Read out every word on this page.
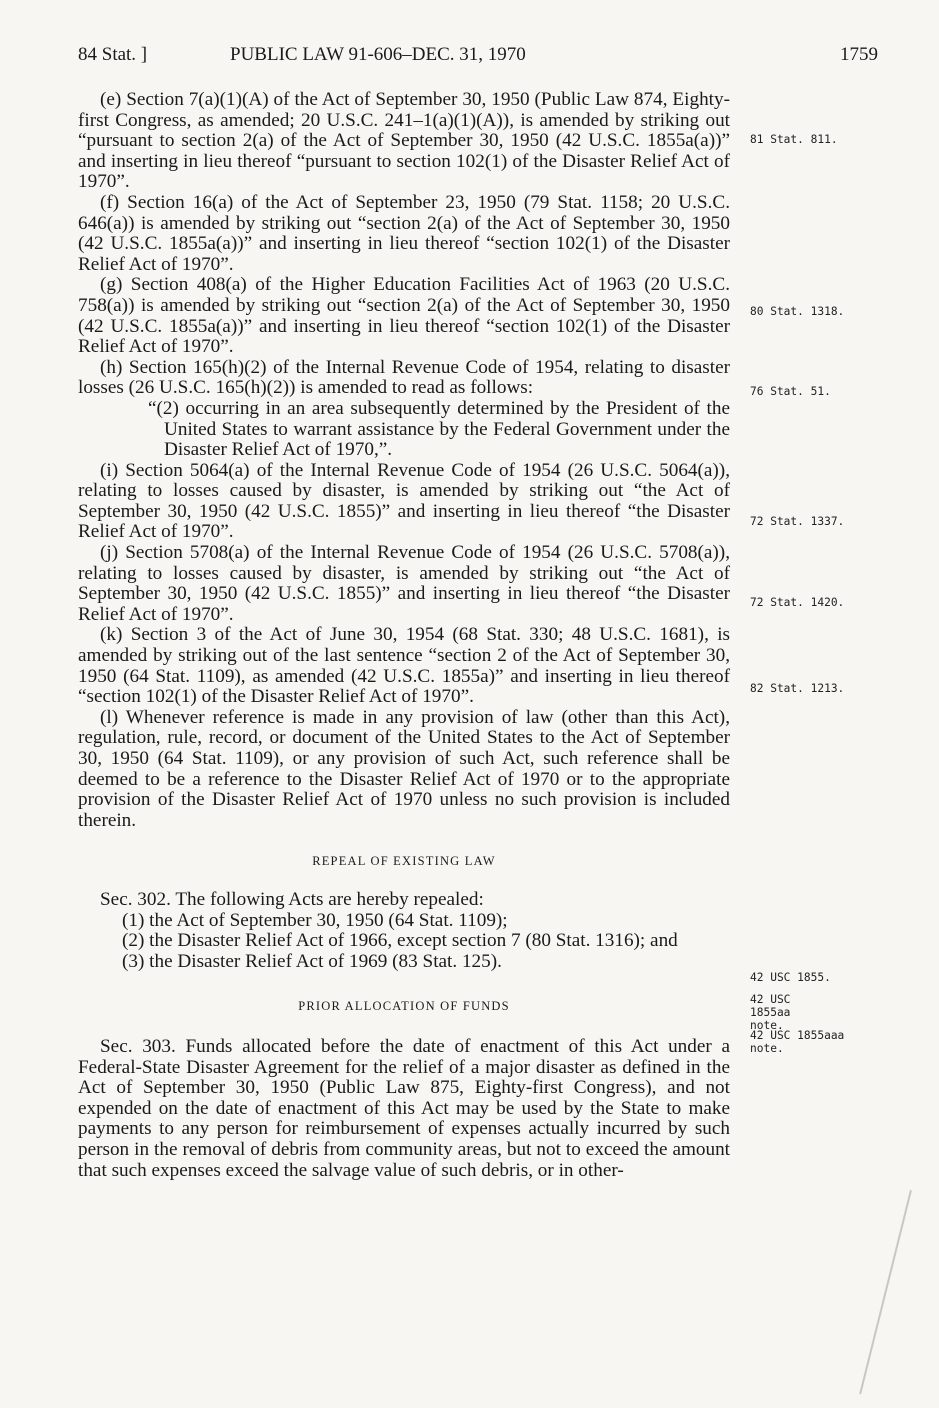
84 Stat. ]	PUBLIC LAW 91-606–DEC. 31, 1970	1759

(e) Section 7(a)(1)(A) of the Act of September 30, 1950 (Public Law 874, Eighty-first Congress, as amended; 20 U.S.C. 241–1(a)(1)(A)), is amended by striking out “pursuant to section 2(a) of the Act of September 30, 1950 (42 U.S.C. 1855a(a))” and inserting in lieu thereof “pursuant to section 102(1) of the Disaster Relief Act of 1970”.

(f) Section 16(a) of the Act of September 23, 1950 (79 Stat. 1158; 20 U.S.C. 646(a)) is amended by striking out “section 2(a) of the Act of September 30, 1950 (42 U.S.C. 1855a(a))” and inserting in lieu thereof “section 102(1) of the Disaster Relief Act of 1970”.

(g) Section 408(a) of the Higher Education Facilities Act of 1963 (20 U.S.C. 758(a)) is amended by striking out “section 2(a) of the Act of September 30, 1950 (42 U.S.C. 1855a(a))” and inserting in lieu thereof “section 102(1) of the Disaster Relief Act of 1970”.

(h) Section 165(h)(2) of the Internal Revenue Code of 1954, relating to disaster losses (26 U.S.C. 165(h)(2)) is amended to read as follows:

“(2) occurring in an area subsequently determined by the President of the United States to warrant assistance by the Federal Government under the Disaster Relief Act of 1970,”.

(i) Section 5064(a) of the Internal Revenue Code of 1954 (26 U.S.C. 5064(a)), relating to losses caused by disaster, is amended by striking out “the Act of September 30, 1950 (42 U.S.C. 1855)” and inserting in lieu thereof “the Disaster Relief Act of 1970”.

(j) Section 5708(a) of the Internal Revenue Code of 1954 (26 U.S.C. 5708(a)), relating to losses caused by disaster, is amended by striking out “the Act of September 30, 1950 (42 U.S.C. 1855)” and inserting in lieu thereof “the Disaster Relief Act of 1970”.

(k) Section 3 of the Act of June 30, 1954 (68 Stat. 330; 48 U.S.C. 1681), is amended by striking out of the last sentence “section 2 of the Act of September 30, 1950 (64 Stat. 1109), as amended (42 U.S.C. 1855a)” and inserting in lieu thereof “section 102(1) of the Disaster Relief Act of 1970”.

(l) Whenever reference is made in any provision of law (other than this Act), regulation, rule, record, or document of the United States to the Act of September 30, 1950 (64 Stat. 1109), or any provision of such Act, such reference shall be deemed to be a reference to the Disaster Relief Act of 1970 or to the appropriate provision of the Disaster Relief Act of 1970 unless no such provision is included therein.

REPEAL OF EXISTING LAW

Sec. 302. The following Acts are hereby repealed:

(1) the Act of September 30, 1950 (64 Stat. 1109);

(2) the Disaster Relief Act of 1966, except section 7 (80 Stat. 1316); and

(3) the Disaster Relief Act of 1969 (83 Stat. 125).

PRIOR ALLOCATION OF FUNDS

Sec. 303. Funds allocated before the date of enactment of this Act under a Federal-State Disaster Agreement for the relief of a major disaster as defined in the Act of September 30, 1950 (Public Law 875, Eighty-first Congress), and not expended on the date of enactment of this Act may be used by the State to make payments to any person for reimbursement of expenses actually incurred by such person in the removal of debris from community areas, but not to exceed the amount that such expenses exceed the salvage value of such debris, or in other-

81 Stat. 811.
80 Stat. 1318.
76 Stat. 51.
72 Stat. 1337.
72 Stat. 1420.
82 Stat. 1213.
42 USC 1855.
42 USC 1855aa note.
42 USC 1855aaa note.
